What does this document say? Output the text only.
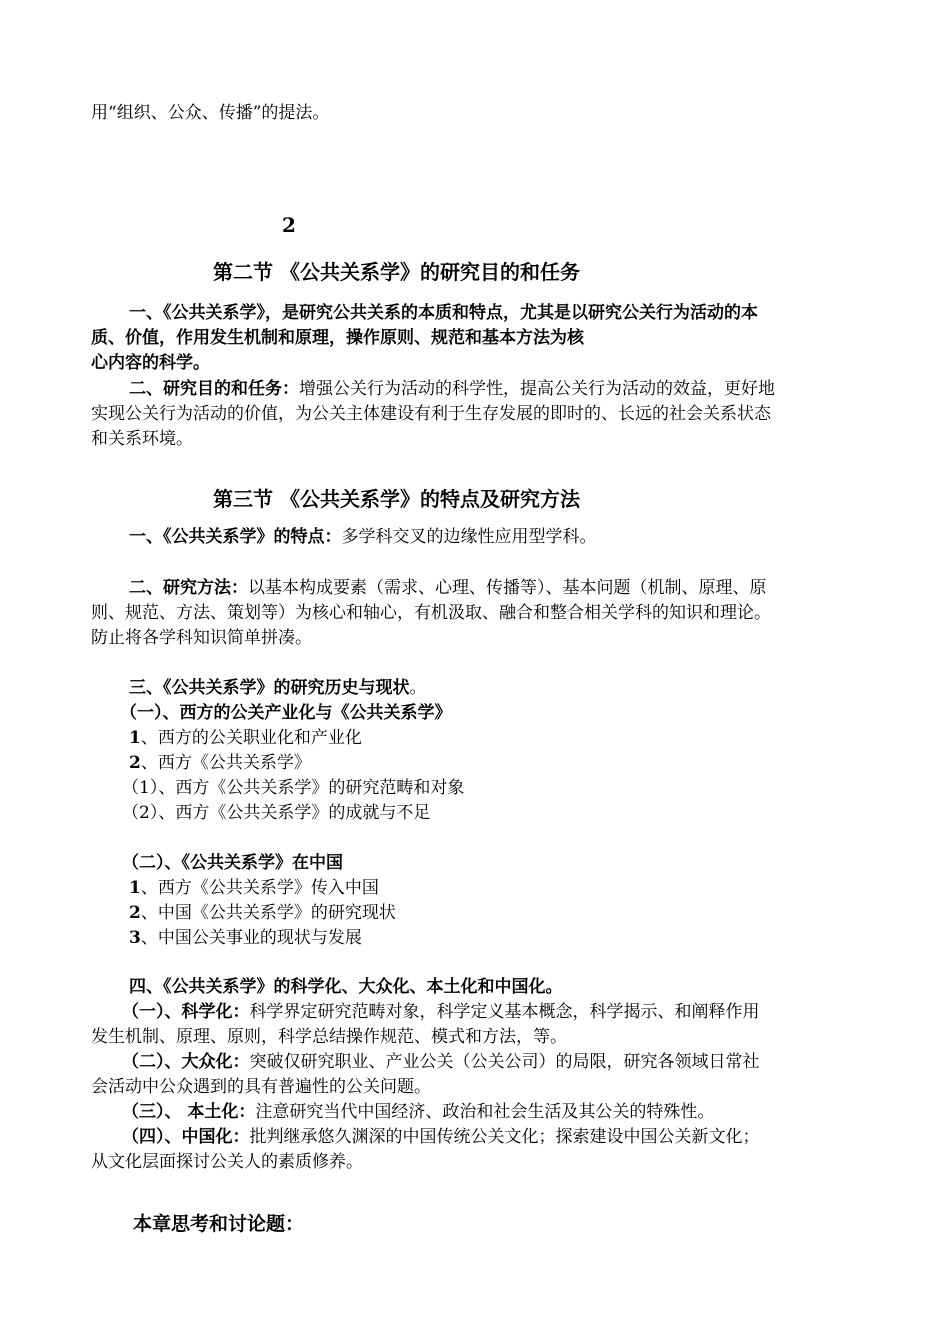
用“组织、公众、传播”的提法。

2

第二节 《公共关系学》的研究目的和任务

一、《公共关系学》，是研究公共关系的本质和特点，尤其是以研究公关行为活动的本

质、价值，作用发生机制和原理，操作原则、规范和基本方法为核

心内容的科学。

二、研究目的和任务：增强公关行为活动的科学性，提高公关行为活动的效益，更好地

实现公关行为活动的价值，为公关主体建设有利于生存发展的即时的、长远的社会关系状态

和关系环境。

第三节 《公共关系学》的特点及研究方法

一、《公共关系学》的特点：多学科交叉的边缘性应用型学科。

二、研究方法：以基本构成要素（需求、心理、传播等）、基本问题（机制、原理、原

则、规范、方法、策划等）为核心和轴心，有机汲取、融合和整合相关学科的知识和理论。

防止将各学科知识简单拼凑。

三、《公共关系学》的研究历史与现状。

（一）、西方的公关产业化与《公共关系学》

1、西方的公关职业化和产业化

2、西方《公共关系学》

（1）、西方《公共关系学》的研究范畴和对象

（2）、西方《公共关系学》的成就与不足

（二）、《公共关系学》在中国

1、西方《公共关系学》传入中国

2、中国《公共关系学》的研究现状

3、中国公关事业的现状与发展

四、《公共关系学》的科学化、大众化、本土化和中国化。

（一）、科学化：科学界定研究范畴对象，科学定义基本概念，科学揭示、和阐释作用

发生机制、原理、原则，科学总结操作规范、模式和方法，等。

（二）、大众化：突破仅研究职业、产业公关（公关公司）的局限，研究各领域日常社

会活动中公众遇到的具有普遍性的公关问题。

（三）、 本土化：注意研究当代中国经济、政治和社会生活及其公关的特殊性。

（四）、中国化：批判继承悠久渊深的中国传统公关文化；探索建设中国公关新文化；

从文化层面探讨公关人的素质修养。

本章思考和讨论题：
